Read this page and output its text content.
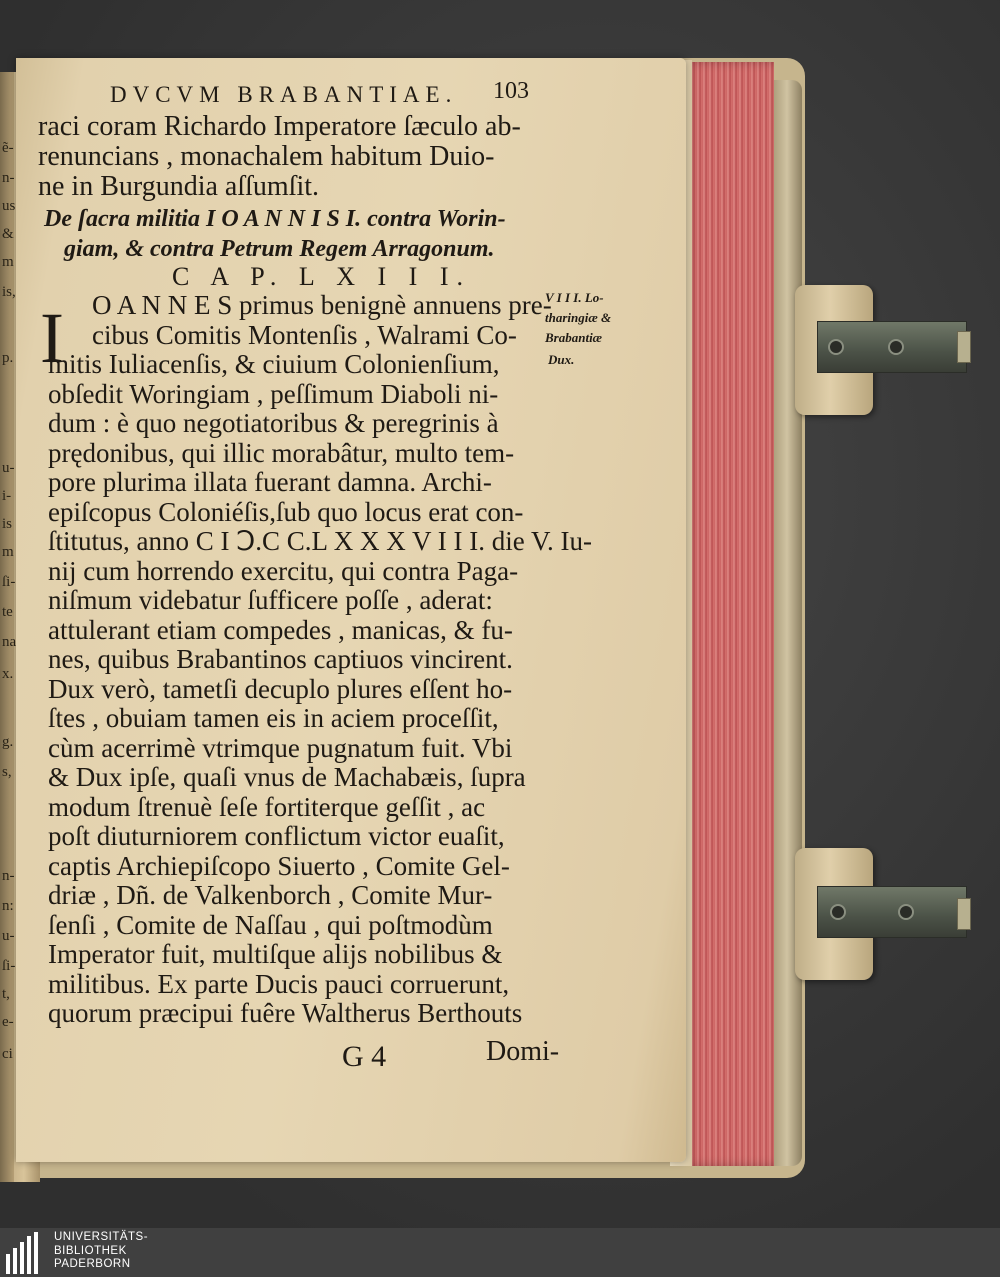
ẽ-
n-
us
&
m
is,
p.
u-
i-
is
m
ſi-
te
na
x.
g.
s,
n-
n:
u-
ſi-
t,
e-
ci
DVCVM BRABANTIAE. 103
raci coram Richardo Imperatore ſæculo ab-
renuncians , monachalem habitum Duio-
ne in Burgundia aſſumſit.
De ſacra militia I O A N N I S I. contra Worin-
giam, & contra Petrum Regem Arragonum.
C A P. L X I I I.
I O A N N E S primus benignè annuens pre-
cibus Comitis Montenſis , Walrami Co-
mitis Iuliacenſis, & ciuium Colonienſium,
obſedit Woringiam , peſſimum Diaboli ni-
dum : è quo negotiatoribus & peregrinis à
prędonibus, qui illic morabâtur, multo tem-
pore plurima illata fuerant damna. Archi-
epiſcopus Coloniéſis,ſub quo locus erat con-
ſtitutus, anno C I Ↄ.C C.L X X X V I I I. die V. Iu-
nij cum horrendo exercitu, qui contra Paga-
niſmum videbatur ſufficere poſſe , aderat:
attulerant etiam compedes , manicas, & fu-
nes, quibus Brabantinos captiuos vincirent.
Dux verò, tametſi decuplo plures eſſent ho-
ſtes , obuiam tamen eis in aciem proceſſit,
cùm acerrimè vtrimque pugnatum fuit. Vbi
& Dux ipſe, quaſi vnus de Machabæis, ſupra
modum ſtrenuè ſeſe fortiterque geſſit , ac
poſt diuturniorem conflictum victor euaſit,
captis Archiepiſcopo Siuerto , Comite Gel-
driæ , Dñ. de Valkenborch , Comite Mur-
ſenſi , Comite de Naſſau , qui poſtmodùm
Imperator fuit, multiſque alijs nobilibus &
militibus. Ex parte Ducis pauci corruerunt,
quorum præcipui fuêre Waltherus Berthouts
V I I I. Lo-
tharingiæ &
Brabantiæ
Dux.
G 4	Domi-
UNIVERSITÄTS-
BIBLIOTHEK
PADERBORN
